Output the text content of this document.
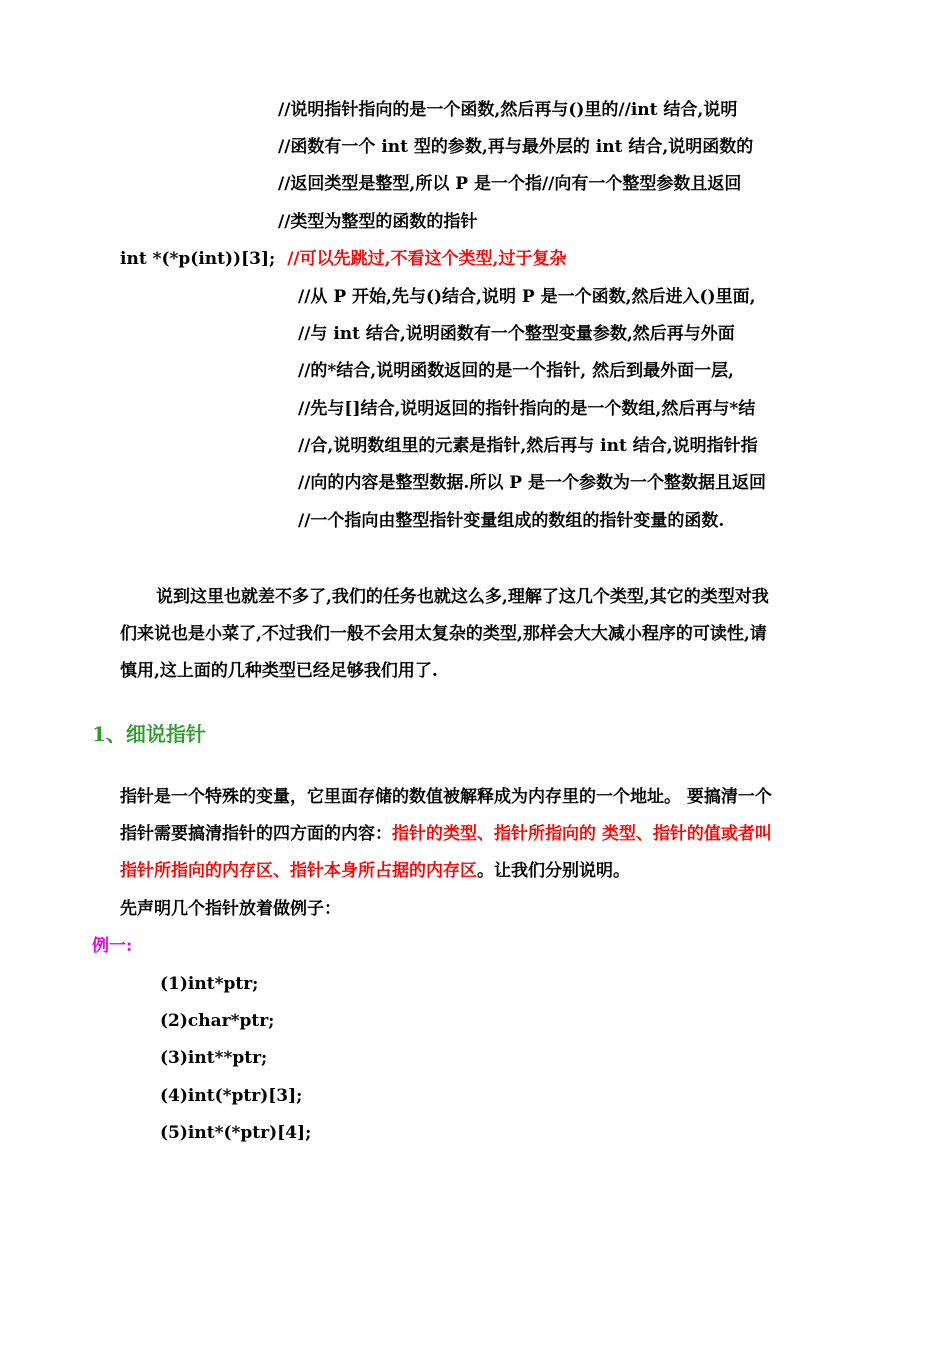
//说明指针指向的是一个函数,然后再与()里的//int 结合,说明
//函数有一个 int 型的参数,再与最外层的 int 结合,说明函数的
//返回类型是整型,所以 P 是一个指//向有一个整型参数且返回
//类型为整型的函数的指针
int *(*p(int))[3]; //可以先跳过,不看这个类型,过于复杂
//从 P 开始,先与()结合,说明 P 是一个函数,然后进入()里面,
//与 int 结合,说明函数有一个整型变量参数,然后再与外面
//的*结合,说明函数返回的是一个指针, 然后到最外面一层,
//先与[]结合,说明返回的指针指向的是一个数组,然后再与*结
//合,说明数组里的元素是指针,然后再与 int 结合,说明指针指
//向的内容是整型数据.所以 P 是一个参数为一个整数据且返回
//一个指向由整型指针变量组成的数组的指针变量的函数.
说到这里也就差不多了,我们的任务也就这么多,理解了这几个类型,其它的类型对我
们来说也是小菜了,不过我们一般不会用太复杂的类型,那样会大大减小程序的可读性,请
慎用,这上面的几种类型已经足够我们用了.
1、细说指针
指针是一个特殊的变量，它里面存储的数值被解释成为内存里的一个地址。 要搞清一个
指针需要搞清指针的四方面的内容：指针的类型、指针所指向的 类型、指针的值或者叫
指针所指向的内存区、指针本身所占据的内存区。让我们分别说明。
先声明几个指针放着做例子：
例一:
(1)int*ptr;
(2)char*ptr;
(3)int**ptr;
(4)int(*ptr)[3];
(5)int*(*ptr)[4];
